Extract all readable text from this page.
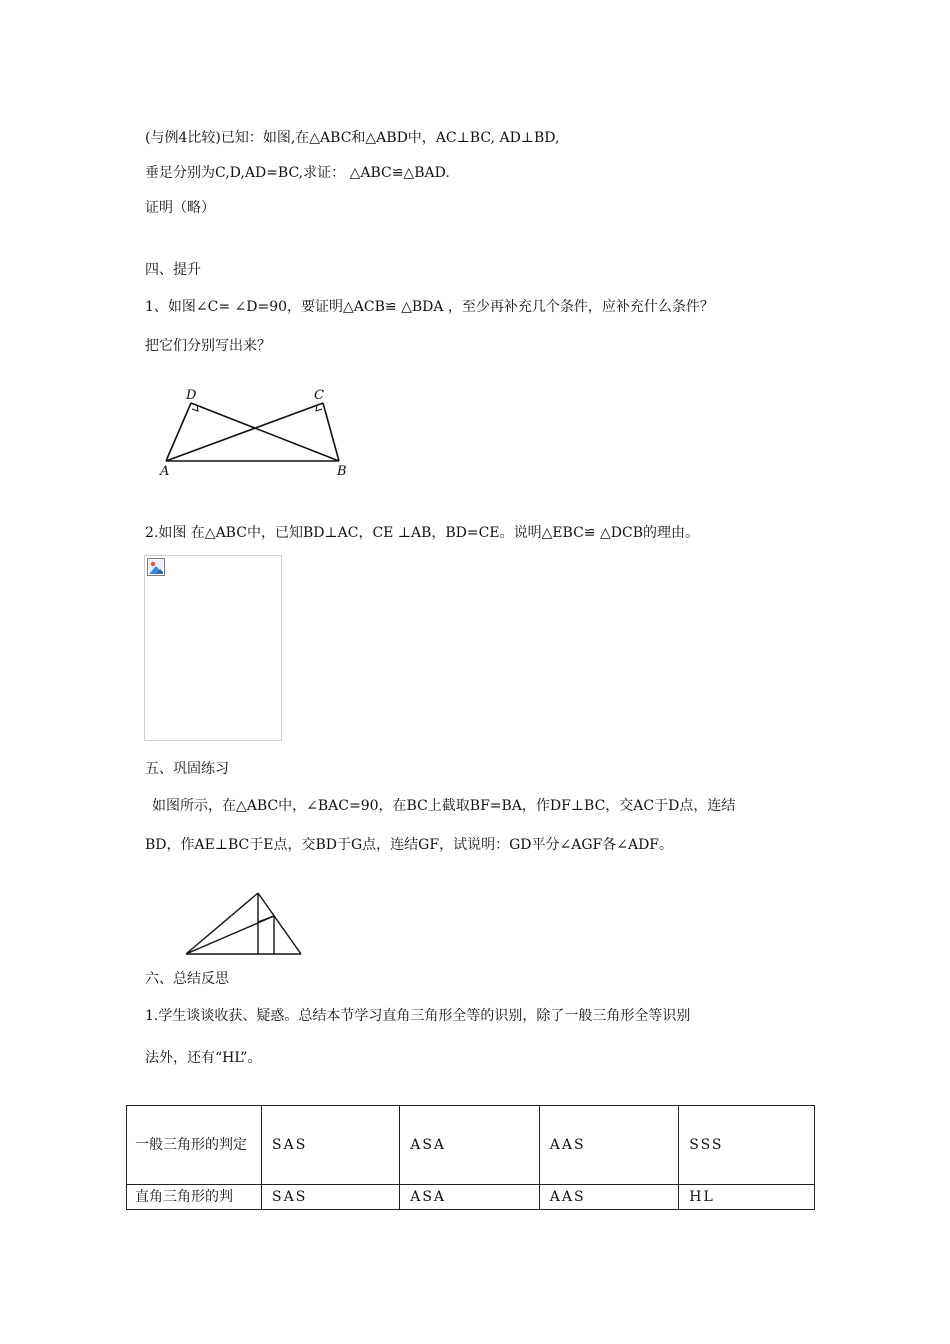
(与例4比较)已知：如图,在△ABC和△ABD中，AC⊥BC, AD⊥BD,
垂足分别为C,D,AD=BC,求证： △ABC≌△BAD.
证明（略）
四、提升
1、如图∠C= ∠D=90，要证明△ACB≌ △BDA ，至少再补充几个条件，应补充什么条件？
把它们分别写出来？
D	C
A	B
2.如图 在△ABC中，已知BD⊥AC，CE ⊥AB，BD=CE。说明△EBC≌ △DCB的理由。
五、巩固练习
如图所示，在△ABC中，∠BAC=90，在BC上截取BF=BA，作DF⊥BC，交AC于D点，连结
BD，作AE⊥BC于E点，交BD于G点，连结GF，试说明：GD平分∠AGF各∠ADF。
六、总结反思
1.学生谈谈收获、疑惑。总结本节学习直角三角形全等的识别，除了一般三角形全等识别
法外，还有“HL”。
一般三角形的判定	SAS	ASA	AAS	SSS

直角三角形的判	SAS	ASA	AAS	HL
